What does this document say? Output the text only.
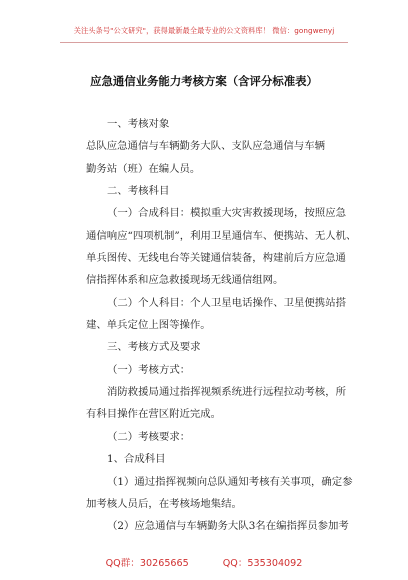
关注头条号"公文研究"，获得最新最全最专业的公文资料库！ 微信：gongwenyj
应急通信业务能力考核方案（含评分标准表）
一、考核对象
总队应急通信与车辆勤务大队、支队应急通信与车辆
勤务站（班）在编人员。
二、考核科目
（一）合成科目：模拟重大灾害救援现场，按照应急
通信响应“四项机制”，利用卫星通信车、便携站、无人机、
单兵图传、无线电台等关键通信装备，构建前后方应急通
信指挥体系和应急救援现场无线通信组网。
（二）个人科目：个人卫星电话操作、卫星便携站搭
建、单兵定位上图等操作。
三、考核方式及要求
（一）考核方式：
消防救援局通过指挥视频系统进行远程拉动考核，所
有科目操作在营区附近完成。
（二）考核要求：
1、合成科目
（1）通过指挥视频向总队通知考核有关事项，确定参
加考核人员后，在考核场地集结。
（2）应急通信与车辆勤务大队3名在编指挥员参加考
QQ群：30265665	QQ：535304092
